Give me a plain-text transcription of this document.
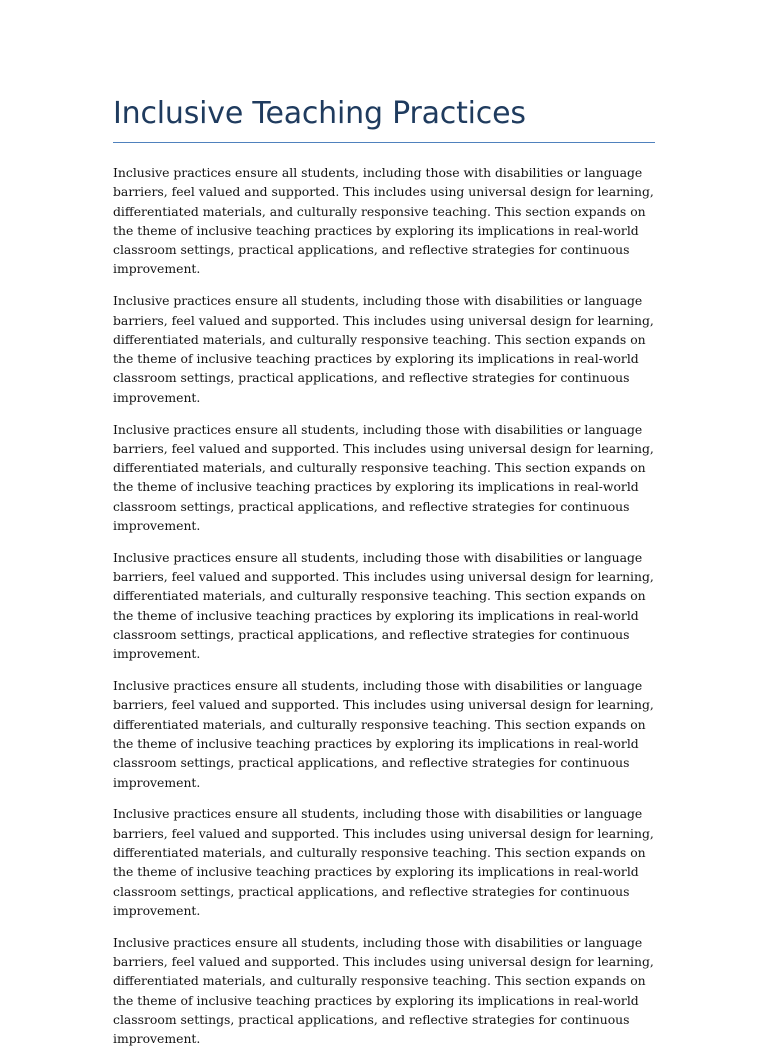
Inclusive Teaching Practices

Inclusive practices ensure all students, including those with disabilities or language barriers, feel valued and supported. This includes using universal design for learning, differentiated materials, and culturally responsive teaching. This section expands on the theme of inclusive teaching practices by exploring its implications in real-world classroom settings, practical applications, and reflective strategies for continuous improvement.

Inclusive practices ensure all students, including those with disabilities or language barriers, feel valued and supported. This includes using universal design for learning, differentiated materials, and culturally responsive teaching. This section expands on the theme of inclusive teaching practices by exploring its implications in real-world classroom settings, practical applications, and reflective strategies for continuous improvement.

Inclusive practices ensure all students, including those with disabilities or language barriers, feel valued and supported. This includes using universal design for learning, differentiated materials, and culturally responsive teaching. This section expands on the theme of inclusive teaching practices by exploring its implications in real-world classroom settings, practical applications, and reflective strategies for continuous improvement.

Inclusive practices ensure all students, including those with disabilities or language barriers, feel valued and supported. This includes using universal design for learning, differentiated materials, and culturally responsive teaching. This section expands on the theme of inclusive teaching practices by exploring its implications in real-world classroom settings, practical applications, and reflective strategies for continuous improvement.

Inclusive practices ensure all students, including those with disabilities or language barriers, feel valued and supported. This includes using universal design for learning, differentiated materials, and culturally responsive teaching. This section expands on the theme of inclusive teaching practices by exploring its implications in real-world classroom settings, practical applications, and reflective strategies for continuous improvement.

Inclusive practices ensure all students, including those with disabilities or language barriers, feel valued and supported. This includes using universal design for learning, differentiated materials, and culturally responsive teaching. This section expands on the theme of inclusive teaching practices by exploring its implications in real-world classroom settings, practical applications, and reflective strategies for continuous improvement.

Inclusive practices ensure all students, including those with disabilities or language barriers, feel valued and supported. This includes using universal design for learning, differentiated materials, and culturally responsive teaching. This section expands on the theme of inclusive teaching practices by exploring its implications in real-world classroom settings, practical applications, and reflective strategies for continuous improvement.
